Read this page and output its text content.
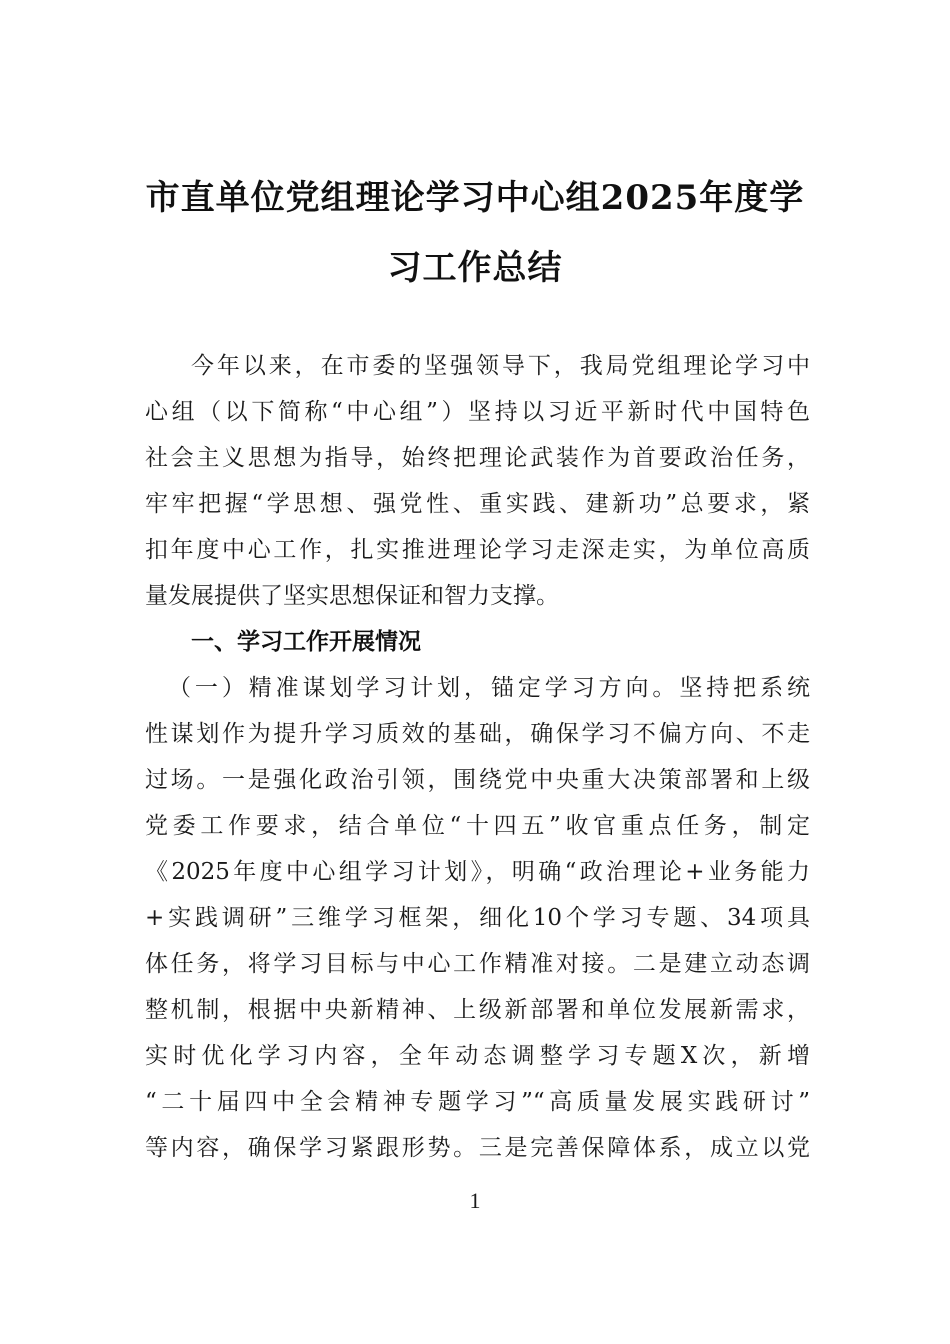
市直单位党组理论学习中心组2025年度学
习工作总结
今年以来，在市委的坚强领导下，我局党组理论学习中
心组（以下简称“中心组”）坚持以习近平新时代中国特色
社会主义思想为指导，始终把理论武装作为首要政治任务，
牢牢把握“学思想、强党性、重实践、建新功”总要求，紧
扣年度中心工作，扎实推进理论学习走深走实，为单位高质
量发展提供了坚实思想保证和智力支撑。
一、学习工作开展情况
（一）精准谋划学习计划，锚定学习方向。坚持把系统
性谋划作为提升学习质效的基础，确保学习不偏方向、不走
过场。一是强化政治引领，围绕党中央重大决策部署和上级
党委工作要求，结合单位“十四五”收官重点任务，制定
《2025年度中心组学习计划》，明确“政治理论+业务能力
+实践调研”三维学习框架，细化10个学习专题、34项具
体任务，将学习目标与中心工作精准对接。二是建立动态调
整机制，根据中央新精神、上级新部署和单位发展新需求，
实时优化学习内容，全年动态调整学习专题X次，新增
“二十届四中全会精神专题学习”“高质量发展实践研讨”
等内容，确保学习紧跟形势。三是完善保障体系，成立以党
1
